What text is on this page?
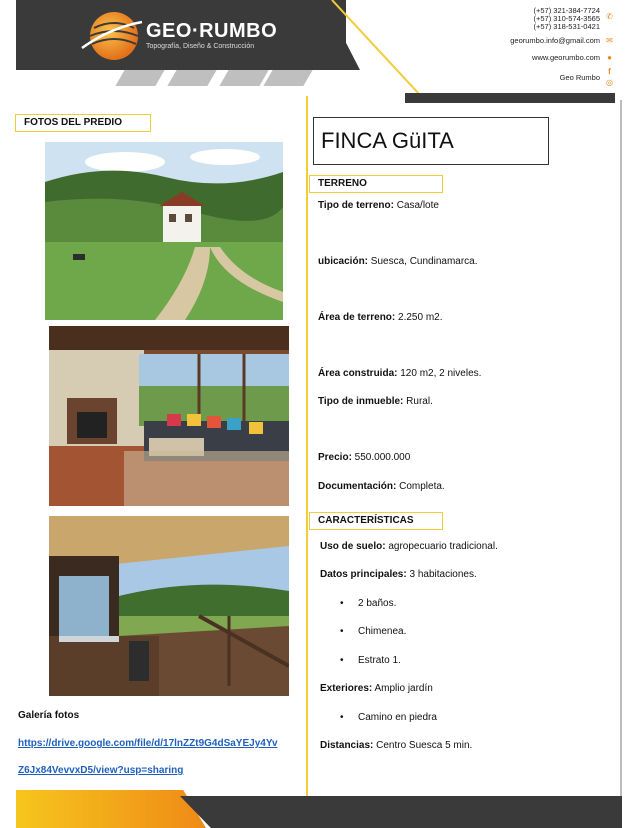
GEO·RUMBO
Topografía, Diseño & Construcción
(+57) 321-384-7724
(+57) 310-574-3565
(+57) 318-531-0421
✆
georumbo.info@gmail.com ✉
www.georumbo.com ●
Geo Rumbo
f
◎
FOTOS DEL PREDIO
Galería fotos
https://drive.google.com/file/d/17lnZZt9G4dSaYEJy4Yv
Z6Jx84VevvxD5/view?usp=sharing
FINCA GüITA
TERRENO
Tipo de terreno: Casa/lote
ubicación: Suesca, Cundinamarca.
Área de terreno: 2.250 m2.
Área construida: 120 m2, 2 niveles.
Tipo de inmueble: Rural.
Precio: 550.000.000
Documentación: Completa.
CARACTERÍSTICAS
Uso de suelo: agropecuario tradicional.
Datos principales: 3 habitaciones.
• 2 baños.
• Chimenea.
• Estrato 1.
Exteriores: Amplio jardín
• Camino en piedra
Distancias: Centro Suesca 5 min.
